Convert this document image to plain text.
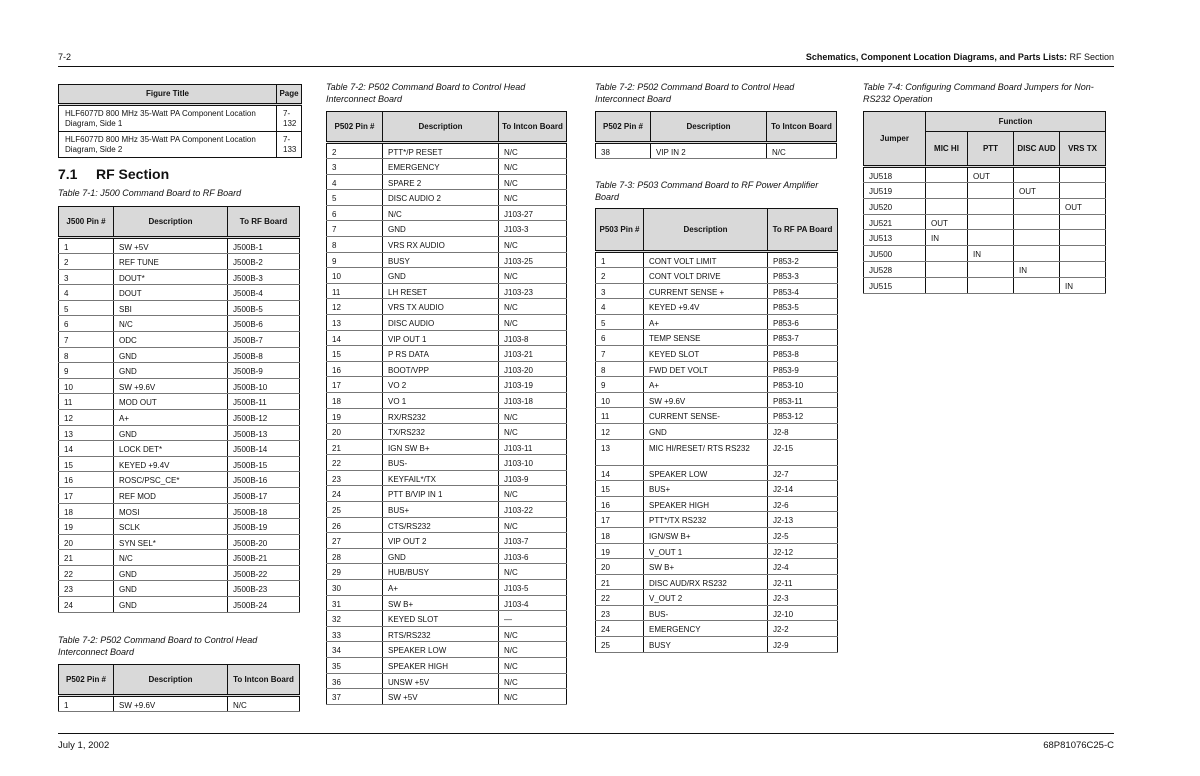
7-2	Schematics, Component Location Diagrams, and Parts Lists: RF Section
Figure Title	Page
HLF6077D 800 MHz 35-Watt PA Component Location Diagram, Side 1	7-132
HLF6077D 800 MHz 35-Watt PA Component Location Diagram, Side 2	7-133
7.1 RF Section
Table 7-1: J500 Command Board to RF Board
J500 Pin #	Description	To RF Board
1	SW +5V	J500B-1
2	REF TUNE	J500B-2
3	DOUT*	J500B-3
4	DOUT	J500B-4
5	SBI	J500B-5
6	N/C	J500B-6
7	ODC	J500B-7
8	GND	J500B-8
9	GND	J500B-9
10	SW +9.6V	J500B-10
11	MOD OUT	J500B-11
12	A+	J500B-12
13	GND	J500B-13
14	LOCK DET*	J500B-14
15	KEYED +9.4V	J500B-15
16	ROSC/PSC_CE*	J500B-16
17	REF MOD	J500B-17
18	MOSI	J500B-18
19	SCLK	J500B-19
20	SYN SEL*	J500B-20
21	N/C	J500B-21
22	GND	J500B-22
23	GND	J500B-23
24	GND	J500B-24
Table 7-2: P502 Command Board to Control Head Interconnect Board
P502 Pin #	Description	To Intcon Board
1	SW +9.6V	N/C
Table 7-2: P502 Command Board to Control Head Interconnect Board
P502 Pin #	Description	To Intcon Board
2	PTT*/P RESET	N/C
3	EMERGENCY	N/C
4	SPARE 2	N/C
5	DISC AUDIO 2	N/C
6	N/C	J103-27
7	GND	J103-3
8	VRS RX AUDIO	N/C
9	BUSY	J103-25
10	GND	N/C
11	LH RESET	J103-23
12	VRS TX AUDIO	N/C
13	DISC AUDIO	N/C
14	VIP OUT 1	J103-8
15	P RS DATA	J103-21
16	BOOT/VPP	J103-20
17	VO 2	J103-19
18	VO 1	J103-18
19	RX/RS232	N/C
20	TX/RS232	N/C
21	IGN SW B+	J103-11
22	BUS-	J103-10
23	KEYFAIL*/TX	J103-9
24	PTT B/VIP IN 1	N/C
25	BUS+	J103-22
26	CTS/RS232	N/C
27	VIP OUT 2	J103-7
28	GND	J103-6
29	HUB/BUSY	N/C
30	A+	J103-5
31	SW B+	J103-4
32	KEYED SLOT	—
33	RTS/RS232	N/C
34	SPEAKER LOW	N/C
35	SPEAKER HIGH	N/C
36	UNSW +5V	N/C
37	SW +5V	N/C
Table 7-2: P502 Command Board to Control Head Interconnect Board
P502 Pin #	Description	To Intcon Board
38	VIP IN 2	N/C
Table 7-3: P503 Command Board to RF Power Amplifier Board
P503 Pin #	Description	To RF PA Board
1	CONT VOLT LIMIT	P853-2
2	CONT VOLT DRIVE	P853-3
3	CURRENT SENSE +	P853-4
4	KEYED +9.4V	P853-5
5	A+	P853-6
6	TEMP SENSE	P853-7
7	KEYED SLOT	P853-8
8	FWD DET VOLT	P853-9
9	A+	P853-10
10	SW +9.6V	P853-11
11	CURRENT SENSE-	P853-12
12	GND	J2-8
13	MIC HI/RESET/ RTS RS232	J2-15
14	SPEAKER LOW	J2-7
15	BUS+	J2-14
16	SPEAKER HIGH	J2-6
17	PTT*/TX RS232	J2-13
18	IGN/SW B+	J2-5
19	V_OUT 1	J2-12
20	SW B+	J2-4
21	DISC AUD/RX RS232	J2-11
22	V_OUT 2	J2-3
23	BUS-	J2-10
24	EMERGENCY	J2-2
25	BUSY	J2-9
Table 7-4: Configuring Command Board Jumpers for Non-RS232 Operation
Jumper	Function			
	MIC HI	PTT	DISC AUD	VRS TX
JU518		OUT		
JU519			OUT	
JU520				OUT
JU521	OUT			
JU513	IN			
JU500		IN		
JU528			IN	
JU515				IN
July 1, 2002	68P81076C25-C
